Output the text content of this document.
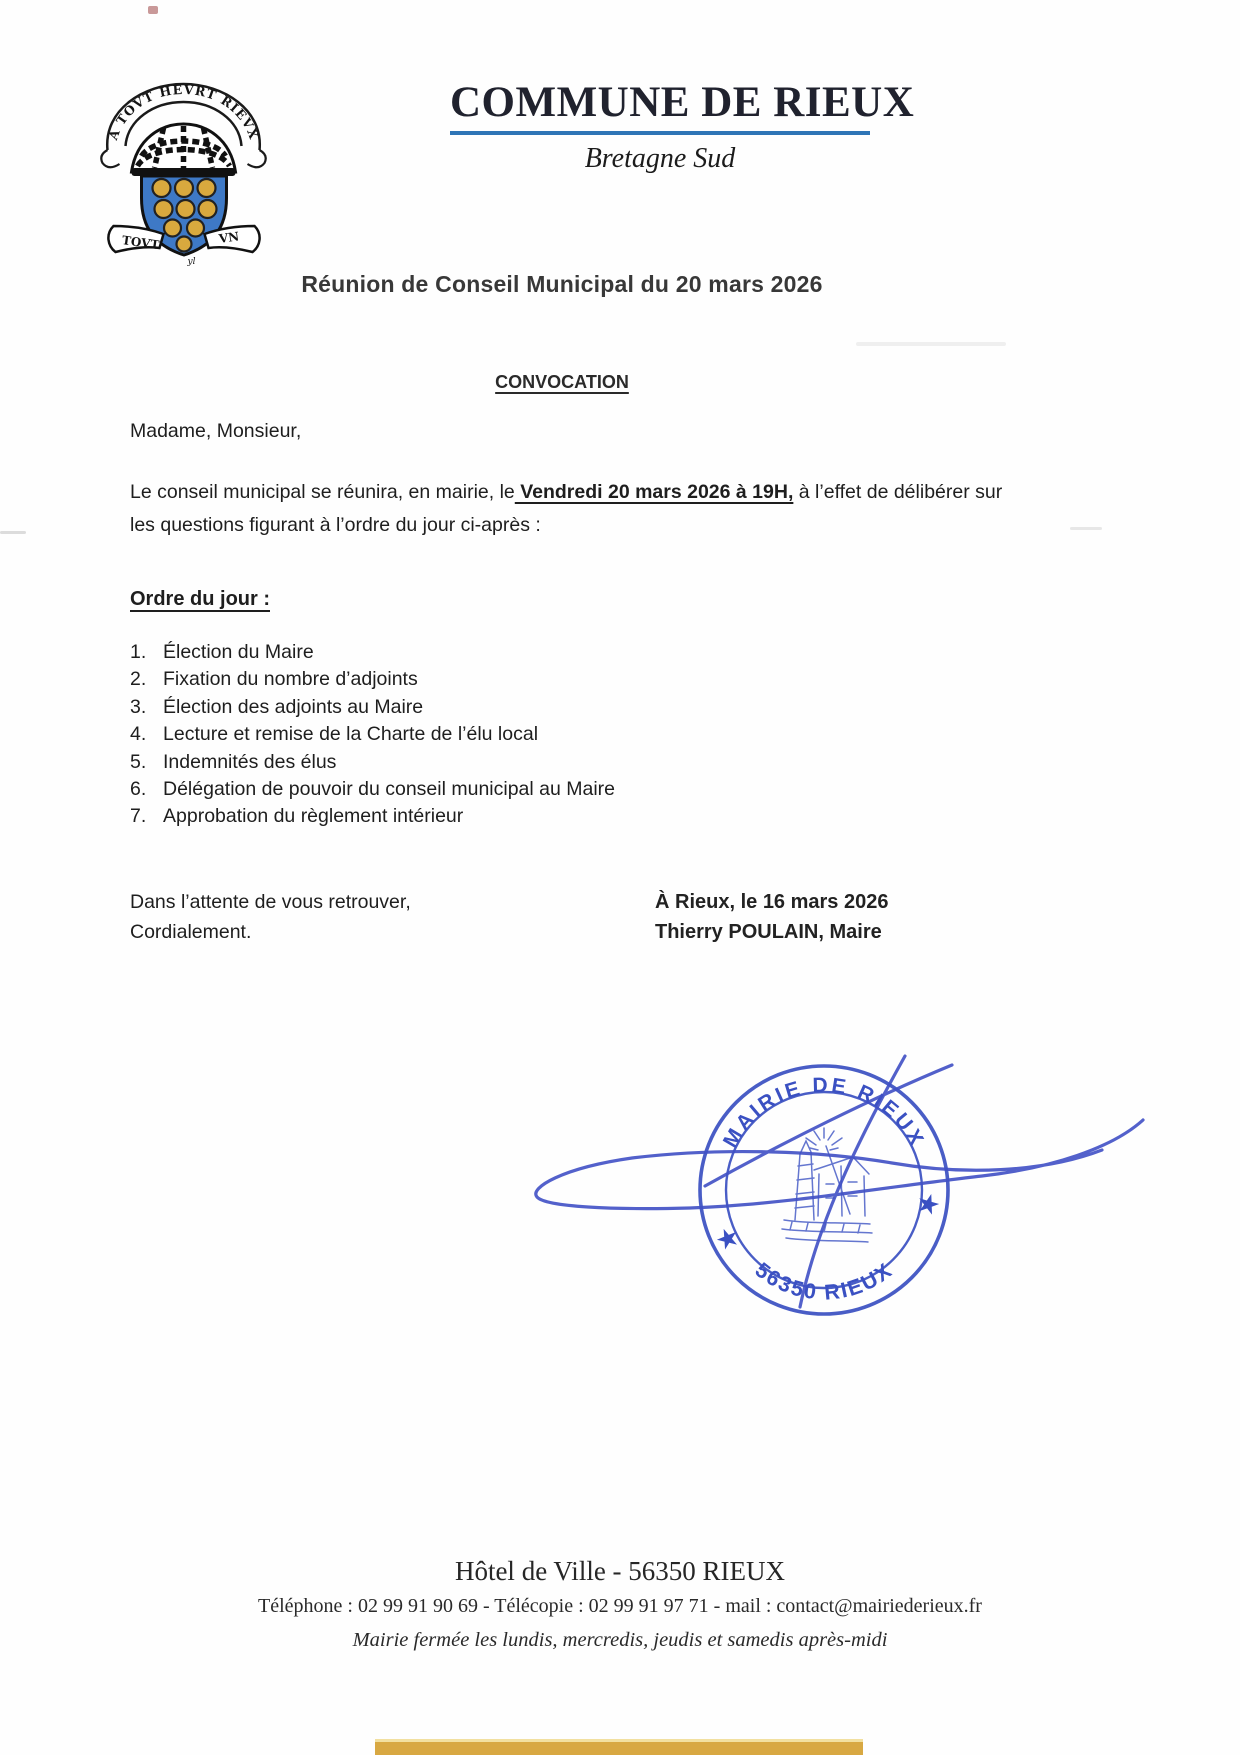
A TOVT HEVRT RIEVX
TOVT	VN
yl
COMMUNE DE RIEUX
Bretagne Sud
Réunion de Conseil Municipal du 20 mars 2026
CONVOCATION
Madame, Monsieur,

Le conseil municipal se réunira, en mairie, le Vendredi 20 mars 2026 à 19H, à l’effet de délibérer sur les questions figurant à l’ordre du jour ci-après :

Ordre du jour :
1. Élection du Maire
2. Fixation du nombre d’adjoints
3. Élection des adjoints au Maire
4. Lecture et remise de la Charte de l’élu local
5. Indemnités des élus
6. Délégation de pouvoir du conseil municipal au Maire
7. Approbation du règlement intérieur
Dans l’attente de vous retrouver,
Cordialement.
À Rieux, le 16 mars 2026
Thierry POULAIN, Maire
MAIRIE DE RIEUX
56350 RIEUX
★
★
Hôtel de Ville - 56350 RIEUX
Téléphone : 02 99 91 90 69 - Télécopie : 02 99 91 97 71 - mail : contact@mairiederieux.fr
Mairie fermée les lundis, mercredis, jeudis et samedis après-midi
